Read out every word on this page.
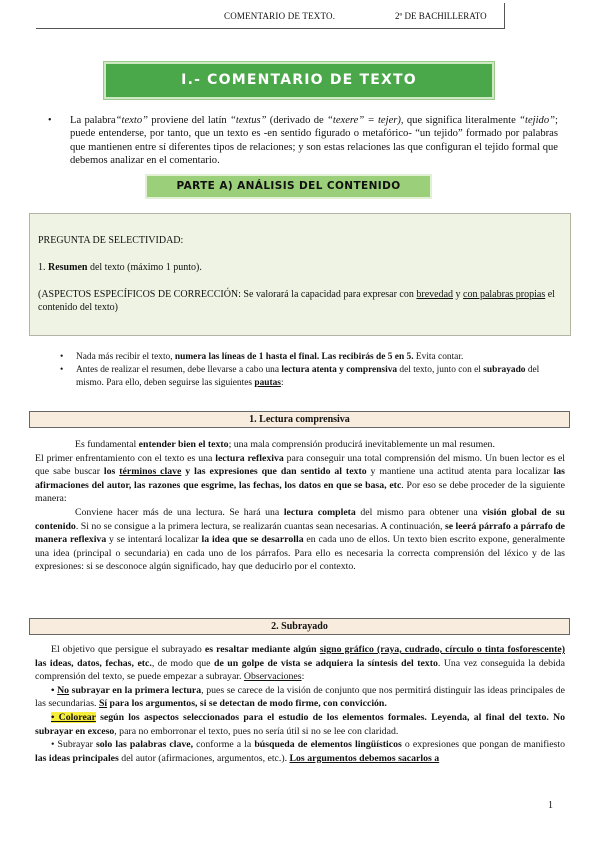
COMENTARIO DE TEXTO.	2º DE BACHILLERATO
I.- COMENTARIO DE TEXTO
• La palabra“texto” proviene del latín “textus” (derivado de “texere” = tejer), que significa literalmente “tejido”; puede entenderse, por tanto, que un texto es -en sentido figurado o metafórico- “un tejido” formado por palabras que mantienen entre sí diferentes tipos de relaciones; y son estas relaciones las que configuran el tejido formal que debemos analizar en el comentario.
PARTE A) ANÁLISIS DEL CONTENIDO

PREGUNTA DE SELECTIVIDAD:

1. Resumen del texto (máximo 1 punto).

(ASPECTOS ESPECÍFICOS DE CORRECCIÓN: Se valorará la capacidad para expresar con brevedad y con palabras propias el contenido del texto)

• Nada más recibir el texto, numera las líneas de 1 hasta el final. Las recibirás de 5 en 5. Evita contar.
• Antes de realizar el resumen, debe llevarse a cabo una lectura atenta y comprensiva del texto, junto con el subrayado del mismo. Para ello, deben seguirse las siguientes pautas:
1. Lectura comprensiva

Es fundamental entender bien el texto; una mala comprensión producirá inevitablemente un mal resumen.

El primer enfrentamiento con el texto es una lectura reflexiva para conseguir una total comprensión del mismo. Un buen lector es el que sabe buscar los términos clave y las expresiones que dan sentido al texto y mantiene una actitud atenta para localizar las afirmaciones del autor, las razones que esgrime, las fechas, los datos en que se basa, etc. Por eso se debe proceder de la siguiente manera:

Conviene hacer más de una lectura. Se hará una lectura completa del mismo para obtener una visión global de su contenido. Si no se consigue a la primera lectura, se realizarán cuantas sean necesarias. A continuación, se leerá párrafo a párrafo de manera reflexiva y se intentará localizar la idea que se desarrolla en cada uno de ellos. Un texto bien escrito expone, generalmente una idea (principal o secundaria) en cada uno de los párrafos. Para ello es necesaria la correcta comprensión del léxico y de las expresiones: si se desconoce algún significado, hay que deducirlo por el contexto.

2. Subrayado

El objetivo que persigue el subrayado es resaltar mediante algún signo gráfico (raya, cudrado, círculo o tinta fosforescente) las ideas, datos, fechas, etc., de modo que de un golpe de vista se adquiera la síntesis del texto. Una vez conseguida la debida comprensión del texto, se puede empezar a subrayar. Observaciones:

• No subrayar en la primera lectura, pues se carece de la visión de conjunto que nos permitirá distinguir las ideas principales de las secundarias. Sí para los argumentos, si se detectan de modo firme, con convicción.

• Colorear según los aspectos seleccionados para el estudio de los elementos formales. Leyenda, al final del texto. No subrayar en exceso, para no emborronar el texto, pues no sería útil si no se lee con claridad.

• Subrayar solo las palabras clave, conforme a la búsqueda de elementos lingüísticos o expresiones que pongan de manifiesto las ideas principales del autor (afirmaciones, argumentos, etc.). Los argumentos debemos sacarlos a

1
